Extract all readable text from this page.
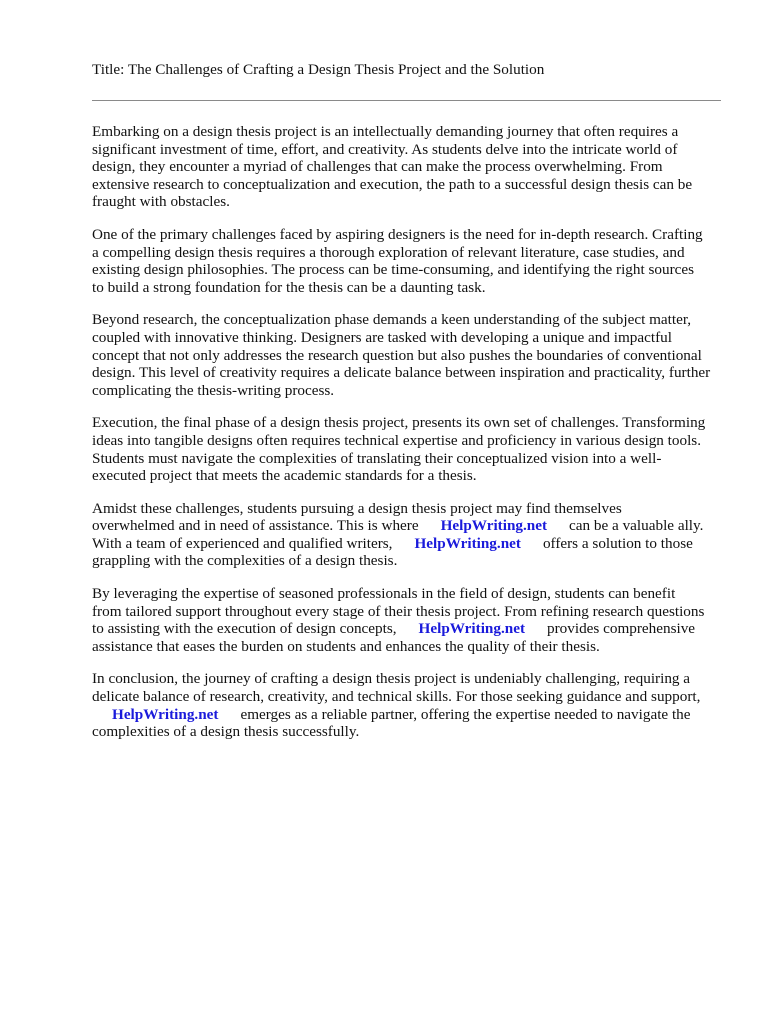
Title: The Challenges of Crafting a Design Thesis Project and the Solution

Embarking on a design thesis project is an intellectually demanding journey that often requires a
significant investment of time, effort, and creativity. As students delve into the intricate world of
design, they encounter a myriad of challenges that can make the process overwhelming. From
extensive research to conceptualization and execution, the path to a successful design thesis can be
fraught with obstacles.

One of the primary challenges faced by aspiring designers is the need for in-depth research. Crafting
a compelling design thesis requires a thorough exploration of relevant literature, case studies, and
existing design philosophies. The process can be time-consuming, and identifying the right sources
to build a strong foundation for the thesis can be a daunting task.

Beyond research, the conceptualization phase demands a keen understanding of the subject matter,
coupled with innovative thinking. Designers are tasked with developing a unique and impactful
concept that not only addresses the research question but also pushes the boundaries of conventional
design. This level of creativity requires a delicate balance between inspiration and practicality, further
complicating the thesis-writing process.

Execution, the final phase of a design thesis project, presents its own set of challenges. Transforming
ideas into tangible designs often requires technical expertise and proficiency in various design tools.
Students must navigate the complexities of translating their conceptualized vision into a well-
executed project that meets the academic standards for a thesis.

Amidst these challenges, students pursuing a design thesis project may find themselves
overwhelmed and in need of assistance. This is where HelpWriting.net can be a valuable ally.
With a team of experienced and qualified writers, HelpWriting.net offers a solution to those
grappling with the complexities of a design thesis.

By leveraging the expertise of seasoned professionals in the field of design, students can benefit
from tailored support throughout every stage of their thesis project. From refining research questions
to assisting with the execution of design concepts, HelpWriting.net provides comprehensive
assistance that eases the burden on students and enhances the quality of their thesis.

In conclusion, the journey of crafting a design thesis project is undeniably challenging, requiring a
delicate balance of research, creativity, and technical skills. For those seeking guidance and support,
HelpWriting.net emerges as a reliable partner, offering the expertise needed to navigate the
complexities of a design thesis successfully.
